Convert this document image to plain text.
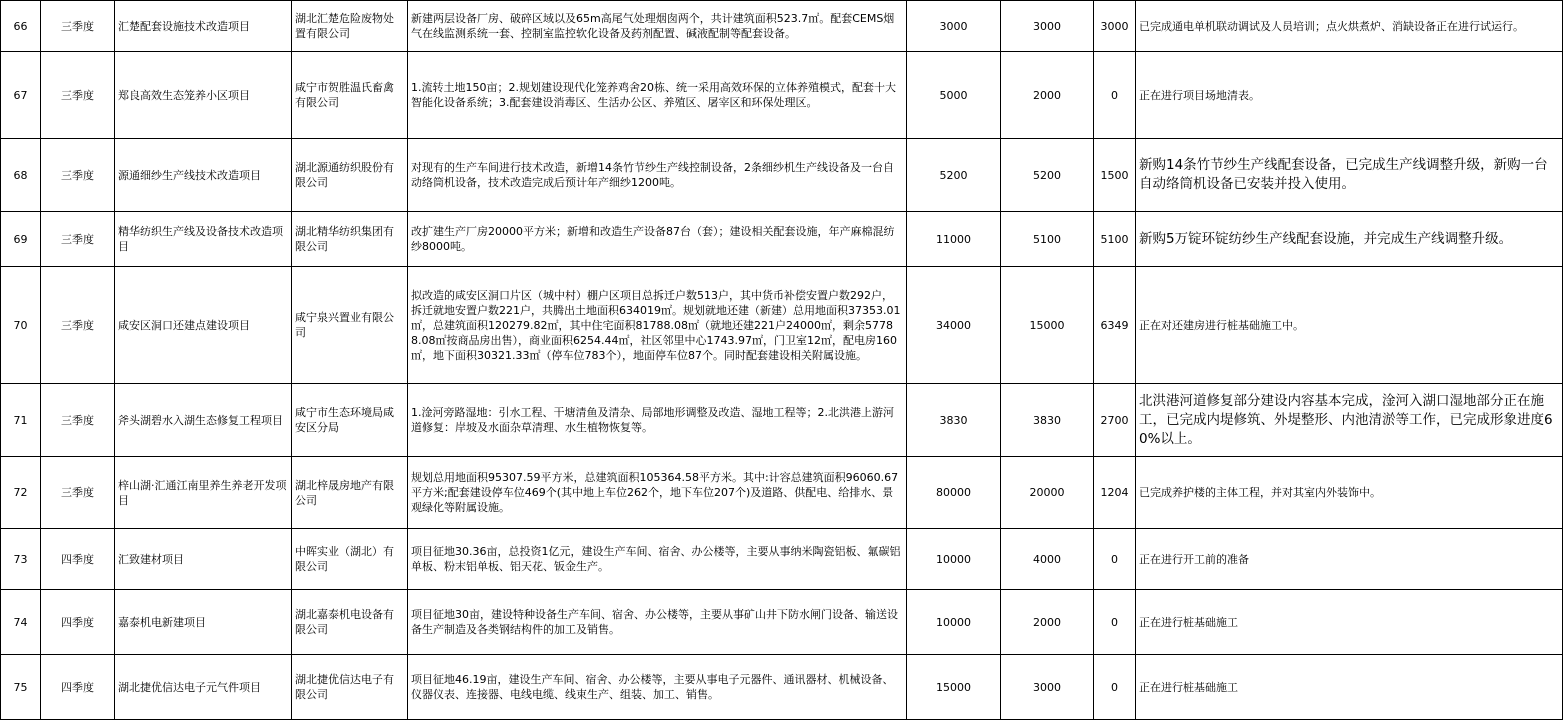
66	三季度	汇楚配套设施技术改造项目	湖北汇楚危险废物处置有限公司	新建两层设备厂房、破碎区域以及65m高尾气处理烟囱两个，共计建筑面积523.7㎡。配套CEMS烟气在线监测系统一套、控制室监控软化设备及药剂配置、碱液配制等配套设备。	3000	3000	3000	已完成通电单机联动调试及人员培训；点火烘煮炉、消缺设备正在进行试运行。
67	三季度	郑良高效生态笼养小区项目	咸宁市贺胜温氏畜禽有限公司	1.流转土地150亩；2.规划建设现代化笼养鸡舍20栋、统一采用高效环保的立体养殖模式，配套十大智能化设备系统；3.配套建设消毒区、生活办公区、养殖区、屠宰区和环保处理区。	5000	2000	0	正在进行项目场地清表。
68	三季度	源通细纱生产线技术改造项目	湖北源通纺织股份有限公司	对现有的生产车间进行技术改造，新增14条竹节纱生产线控制设备，2条细纱机生产线设备及一台自动络筒机设备，技术改造完成后预计年产细纱1200吨。	5200	5200	1500	新购14条竹节纱生产线配套设备，已完成生产线调整升级，新购一台自动络筒机设备已安装并投入使用。
69	三季度	精华纺织生产线及设备技术改造项目	湖北精华纺织集团有限公司	改扩建生产厂房20000平方米；新增和改造生产设备87台（套）；建设相关配套设施，年产麻棉混纺纱8000吨。	11000	5100	5100	新购5万锭环锭纺纱生产线配套设施，并完成生产线调整升级。
70	三季度	咸安区洞口还建点建设项目	咸宁泉兴置业有限公司	拟改造的咸安区洞口片区（城中村）棚户区项目总拆迁户数513户，其中货币补偿安置户数292户，拆迁就地安置户数221户，共腾出土地面积634019㎡。规划就地还建（新建）总用地面积37353.01㎡，总建筑面积120279.82㎡，其中住宅面积81788.08㎡（就地还建221户24000㎡，剩余57788.08㎡按商品房出售），商业面积6254.44㎡，社区邻里中心1743.97㎡，门卫室12㎡，配电房160㎡，地下面积30321.33㎡（停车位783个），地面停车位87个。同时配套建设相关附属设施。	34000	15000	6349	正在对还建房进行桩基础施工中。
71	三季度	斧头湖碧水入湖生态修复工程项目	咸宁市生态环境局咸安区分局	1.淦河旁路湿地：引水工程、干塘清鱼及清杂、局部地形调整及改造、湿地工程等；2.北洪港上游河道修复：岸坡及水面杂草清理、水生植物恢复等。	3830	3830	2700	北洪港河道修复部分建设内容基本完成，淦河入湖口湿地部分正在施工，已完成内堤修筑、外堤整形、内池清淤等工作，已完成形象进度60%以上。
72	三季度	梓山湖·汇通江南里养生养老开发项目	湖北梓晟房地产有限公司	规划总用地面积95307.59平方米，总建筑面积105364.58平方米。其中:计容总建筑面积96060.67平方米;配套建设停车位469个(其中地上车位262个，地下车位207个)及道路、供配电、给排水、景观绿化等附属设施。	80000	20000	1204	已完成养护楼的主体工程，并对其室内外装饰中。
73	四季度	汇致建材项目	中晖实业（湖北）有限公司	项目征地30.36亩，总投资1亿元，建设生产车间、宿舍、办公楼等，主要从事纳米陶瓷铝板、氟碳铝单板、粉末铝单板、铝天花、钣金生产。	10000	4000	0	正在进行开工前的准备
74	四季度	嘉泰机电新建项目	湖北嘉泰机电设备有限公司	项目征地30亩，建设特种设备生产车间、宿舍、办公楼等，主要从事矿山井下防水闸门设备、输送设备生产制造及各类钢结构件的加工及销售。	10000	2000	0	正在进行桩基础施工
75	四季度	湖北捷优信达电子元气件项目	湖北捷优信达电子有限公司	项目征地46.19亩，建设生产车间、宿舍、办公楼等，主要从事电子元器件、通讯器材、机械设备、仪器仪表、连接器、电线电缆、线束生产、组装、加工、销售。	15000	3000	0	正在进行桩基础施工
